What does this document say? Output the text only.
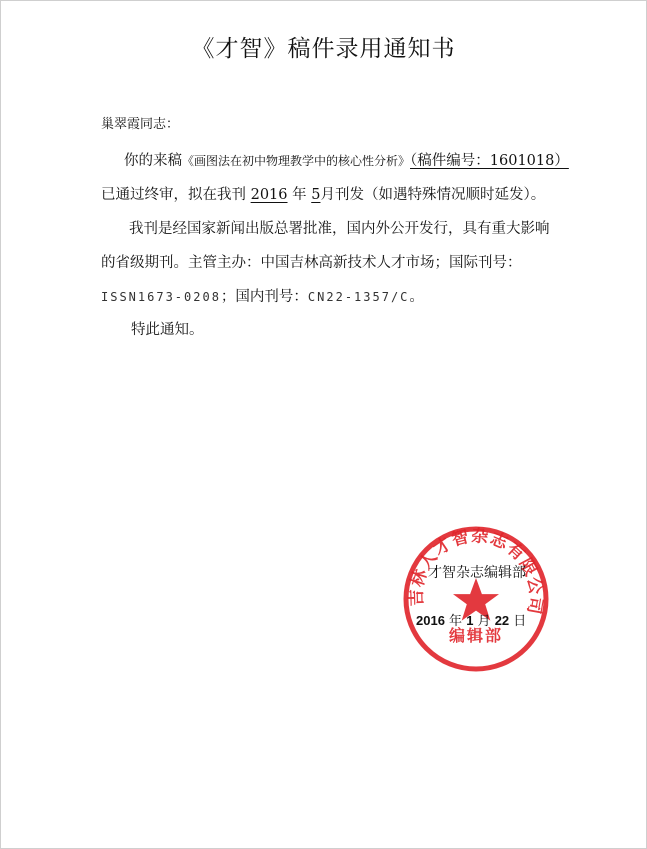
《才智》稿件录用通知书
巢翠霞同志：
你的来稿《画图法在初中物理教学中的核心性分析》（稿件编号：1601018）
已通过终审，拟在我刊 2016 年 5月刊发（如遇特殊情况顺时延发）。
我刊是经国家新闻出版总署批准，国内外公开发行，具有重大影响
的省级期刊。主管主办：中国吉林高新技术人才市场；国际刊号：
ISSN1673-0208；国内刊号：CN22-1357/C。
特此通知。
吉林人才智杂志有限公司
编辑部
才智杂志编辑部
2016 年 1 月 22 日
